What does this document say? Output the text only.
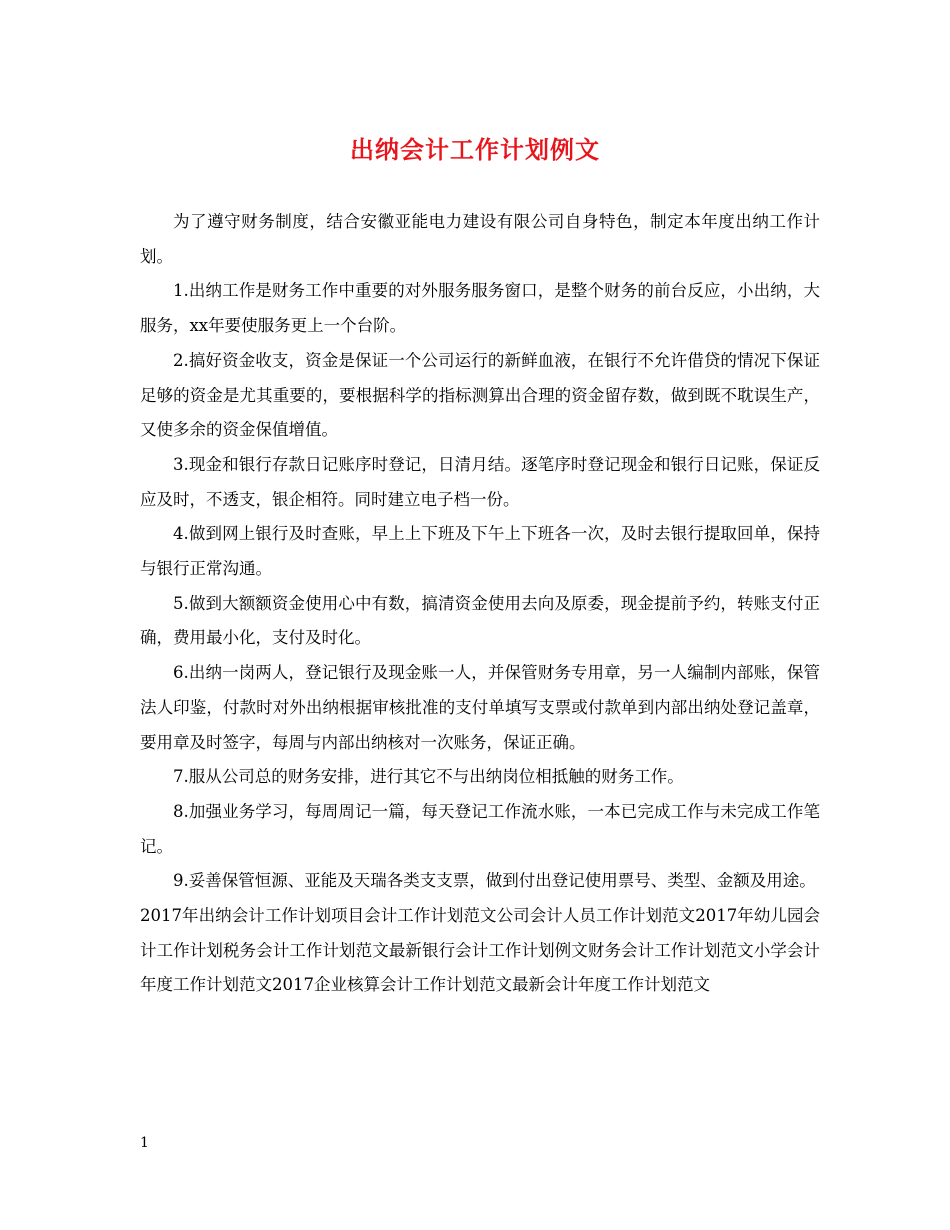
出纳会计工作计划例文

为了遵守财务制度，结合安徽亚能电力建设有限公司自身特色，制定本年度出纳工作计划。

1.出纳工作是财务工作中重要的对外服务服务窗口，是整个财务的前台反应，小出纳，大服务，xx年要使服务更上一个台阶。

2.搞好资金收支，资金是保证一个公司运行的新鲜血液，在银行不允许借贷的情况下保证足够的资金是尤其重要的，要根据科学的指标测算出合理的资金留存数，做到既不耽误生产，又使多余的资金保值增值。

3.现金和银行存款日记账序时登记，日清月结。逐笔序时登记现金和银行日记账，保证反应及时，不透支，银企相符。同时建立电子档一份。

4.做到网上银行及时查账，早上上下班及下午上下班各一次，及时去银行提取回单，保持与银行正常沟通。

5.做到大额额资金使用心中有数，搞清资金使用去向及原委，现金提前予约，转账支付正确，费用最小化，支付及时化。

6.出纳一岗两人，登记银行及现金账一人，并保管财务专用章，另一人编制内部账，保管法人印鉴，付款时对外出纳根据审核批准的支付单填写支票或付款单到内部出纳处登记盖章，要用章及时签字，每周与内部出纳核对一次账务，保证正确。

7.服从公司总的财务安排，进行其它不与出纳岗位相抵触的财务工作。

8.加强业务学习，每周周记一篇，每天登记工作流水账，一本已完成工作与未完成工作笔记。

9.妥善保管恒源、亚能及天瑞各类支支票，做到付出登记使用票号、类型、金额及用途。

2017年出纳会计工作计划项目会计工作计划范文公司会计人员工作计划范文2017年幼儿园会计工作计划税务会计工作计划范文最新银行会计工作计划例文财务会计工作计划范文小学会计年度工作计划范文2017企业核算会计工作计划范文最新会计年度工作计划范文

1
